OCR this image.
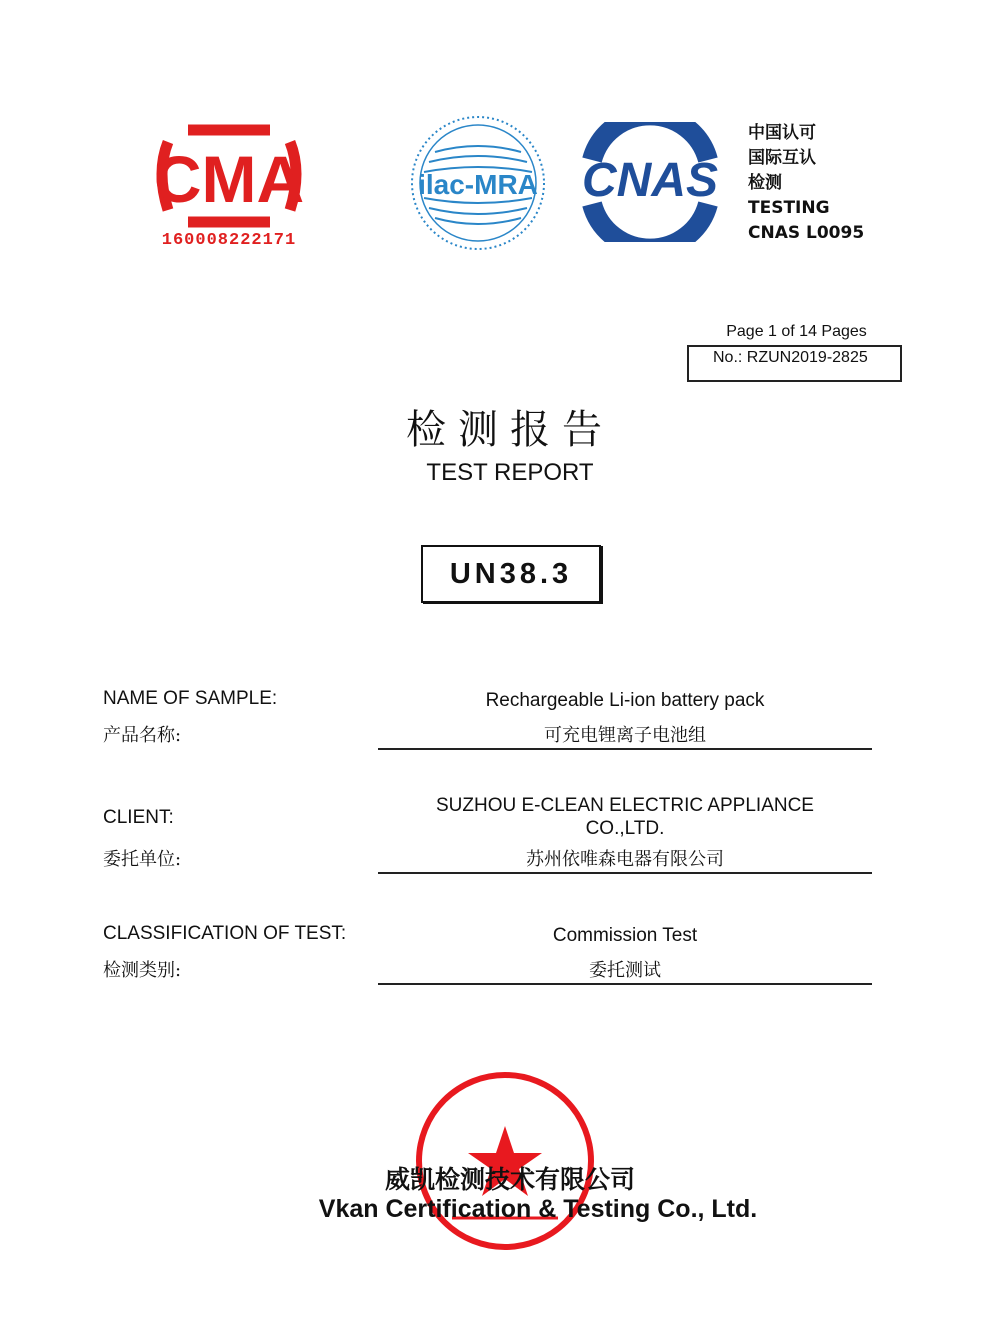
CMA
160008222171
ilac-MRA CNAS
中国认可
国际互认
检测
TESTING
CNAS L0095
Page 1 of 14 Pages
No.: RZUN2019-2825
检测报告
TEST REPORT
UN38.3
NAME OF SAMPLE:
产品名称:
Rechargeable Li-ion battery pack
可充电锂离子电池组
CLIENT:
委托单位:
SUZHOU E-CLEAN ELECTRIC APPLIANCE
CO.,LTD.
苏州依唯森电器有限公司
CLASSIFICATION OF TEST:
检测类别:
Commission Test
委托测试
威凯检测技术有限公司
Vkan Certification & Testing Co., Ltd.
